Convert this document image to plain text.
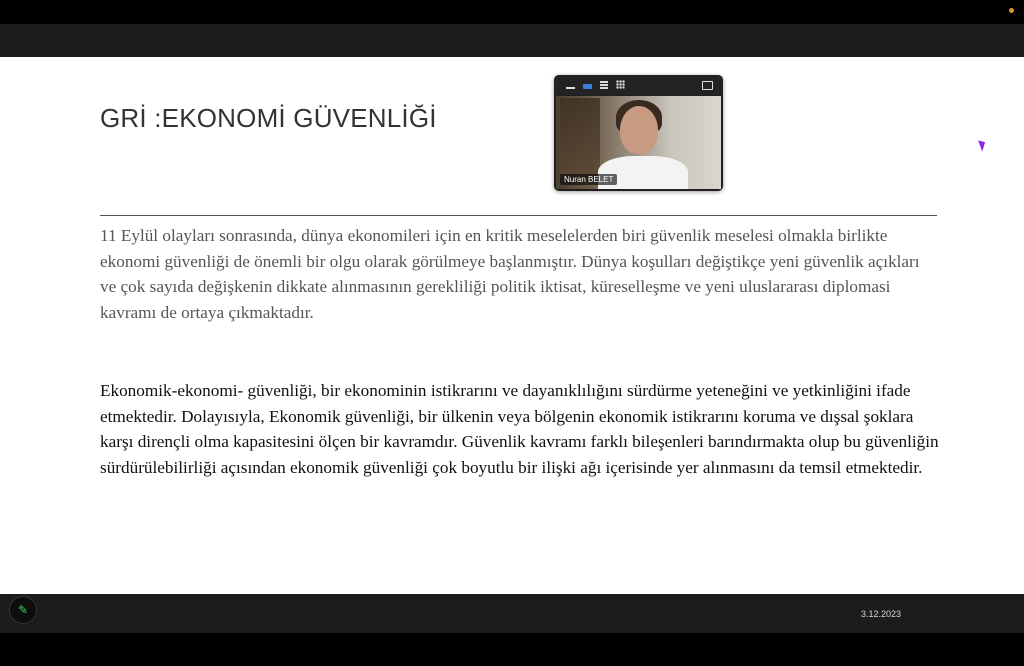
GRİ :EKONOMİ GÜVENLİĞİ

11 Eylül olayları sonrasında, dünya ekonomileri için en kritik meselelerden biri güvenlik meselesi olmakla birlikte ekonomi güvenliği de önemli bir olgu olarak görülmeye başlanmıştır. Dünya koşulları değiştikçe yeni güvenlik açıkları ve çok sayıda değişkenin dikkate alınmasının gerekliliği politik iktisat, küreselleşme ve yeni uluslararası diplomasi kavramı de ortaya çıkmaktadır.

Ekonomik-ekonomi- güvenliği, bir ekonominin istikrarını ve dayanıklılığını sürdürme yeteneğini ve yetkinliğini ifade etmektedir. Dolayısıyla, Ekonomik güvenliği, bir ülkenin veya bölgenin ekonomik istikrarını koruma ve dışsal şoklara karşı dirençli olma kapasitesini ölçen bir kavramdır. Güvenlik kavramı farklı bileşenleri barındırmakta olup bu güvenliğin sürdürülebilirliği açısından ekonomik güvenliği çok boyutlu bir ilişki ağı içerisinde yer alınmasını da temsil etmektedir.

Nuran BELET
✎	3.12.2023
